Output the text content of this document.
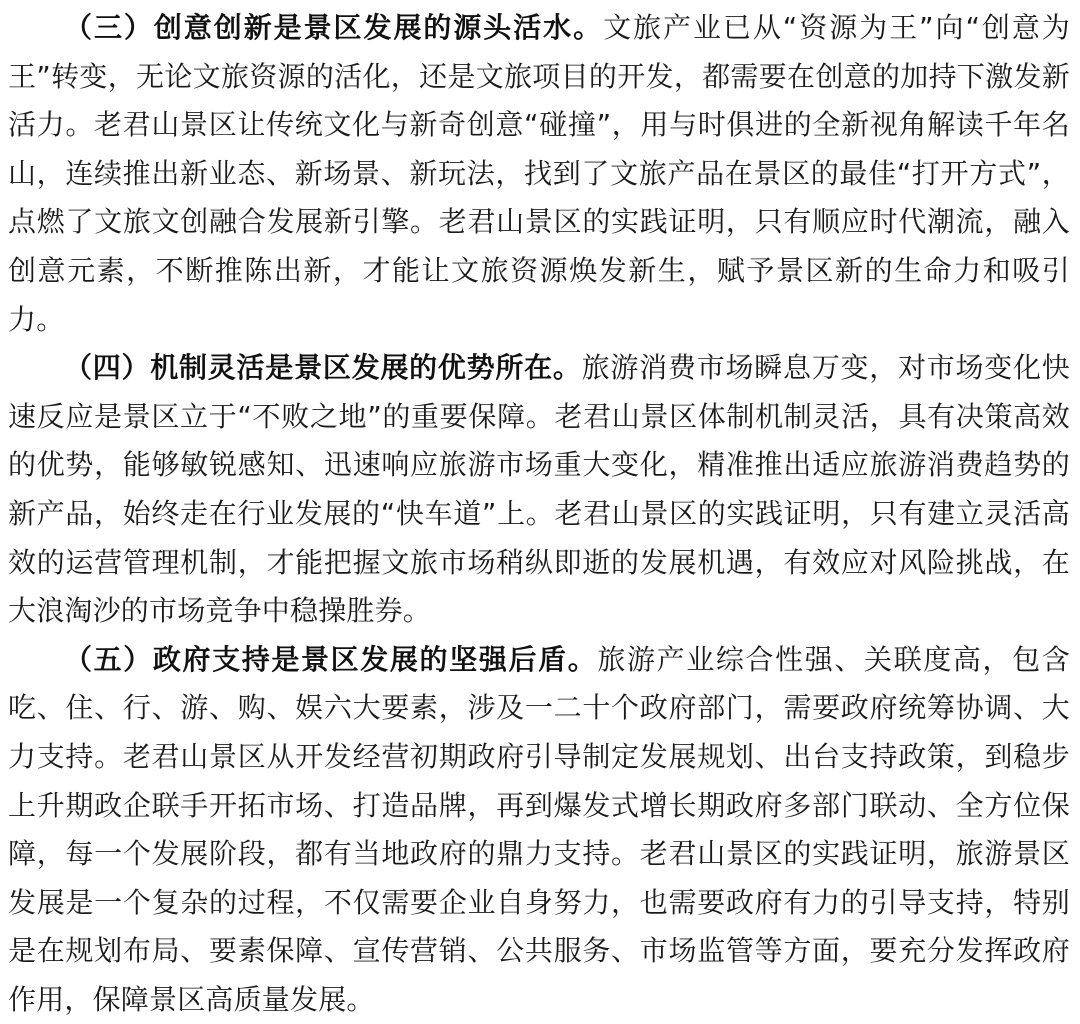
（三）创意创新是景区发展的源头活水。文旅产业已从“资源为王”向“创意为王”转变，无论文旅资源的活化，还是文旅项目的开发，都需要在创意的加持下激发新活力。老君山景区让传统文化与新奇创意“碰撞”，用与时俱进的全新视角解读千年名山，连续推出新业态、新场景、新玩法，找到了文旅产品在景区的最佳“打开方式”，点燃了文旅文创融合发展新引擎。老君山景区的实践证明，只有顺应时代潮流，融入创意元素，不断推陈出新，才能让文旅资源焕发新生，赋予景区新的生命力和吸引力。

（四）机制灵活是景区发展的优势所在。旅游消费市场瞬息万变，对市场变化快速反应是景区立于“不败之地”的重要保障。老君山景区体制机制灵活，具有决策高效的优势，能够敏锐感知、迅速响应旅游市场重大变化，精准推出适应旅游消费趋势的新产品，始终走在行业发展的“快车道”上。老君山景区的实践证明，只有建立灵活高效的运营管理机制，才能把握文旅市场稍纵即逝的发展机遇，有效应对风险挑战，在大浪淘沙的市场竞争中稳操胜券。

（五）政府支持是景区发展的坚强后盾。旅游产业综合性强、关联度高，包含吃、住、行、游、购、娱六大要素，涉及一二十个政府部门，需要政府统筹协调、大力支持。老君山景区从开发经营初期政府引导制定发展规划、出台支持政策，到稳步上升期政企联手开拓市场、打造品牌，再到爆发式增长期政府多部门联动、全方位保障，每一个发展阶段，都有当地政府的鼎力支持。老君山景区的实践证明，旅游景区发展是一个复杂的过程，不仅需要企业自身努力，也需要政府有力的引导支持，特别是在规划布局、要素保障、宣传营销、公共服务、市场监管等方面，要充分发挥政府作用，保障景区高质量发展。
